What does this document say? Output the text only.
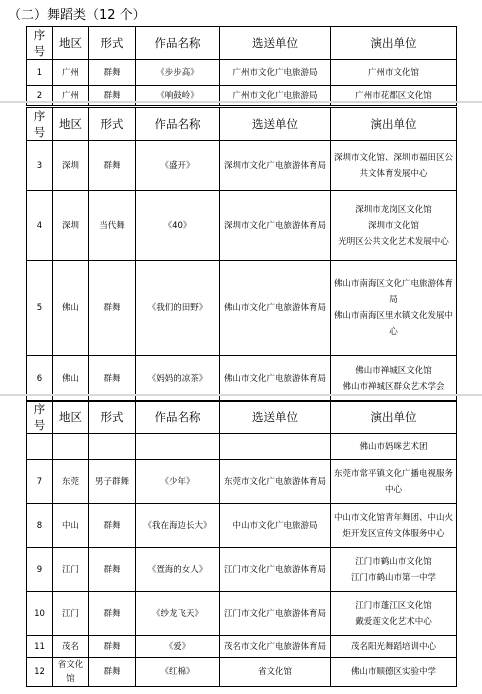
（二）舞蹈类（12 个）
序号	地区	形式	作品名称	选送单位	演出单位
1	广州	群舞	《步步高》	广州市文化广电旅游局	广州市文化馆

2	广州	群舞	《响鼓岭》	广州市文化广电旅游局	广州市花都区文化馆
序号	地区	形式	作品名称	选送单位	演出单位
3	深圳	群舞	《盛开》	深圳市文化广电旅游体育局	深圳市文化馆、深圳市福田区公
共文体育发展中心

4	深圳	当代舞	《40》	深圳市文化广电旅游体育局	深圳市龙岗区文化馆
深圳市文化馆
光明区公共文化艺术发展中心

5	佛山	群舞	《我们的田野》	佛山市文化广电旅游体育局	佛山市南海区文化广电旅游体育
局
佛山市南海区里水镇文化发展中
心

6	佛山	群舞	《妈妈的凉茶》	佛山市文化广电旅游体育局	佛山市禅城区文化馆
佛山市禅城区群众艺术学会
序号	地区	形式	作品名称	选送单位	演出单位

					佛山市妈咪艺术团

7	东莞	男子群舞	《少年》	东莞市文化广电旅游体育局	东莞市常平镇文化广播电视服务
中心

8	中山	群舞	《我在海边长大》	中山市文化广电旅游局	中山市文化馆青年舞团、中山火
炬开发区宣传文体服务中心

9	江门	群舞	《疍海的女人》	江门市文化广电旅游体育局	江门市鹤山市文化馆
江门市鹤山市第一中学

10	江门	群舞	《纱龙飞天》	江门市文化广电旅游体育局	江门市蓬江区文化馆
戴爱莲文化艺术中心

11	茂名	群舞	《爱》	茂名市文化广电旅游体育局	茂名阳光舞蹈培训中心

12	省文化馆	群舞	《红棉》	省文化馆	佛山市顺德区实验中学
